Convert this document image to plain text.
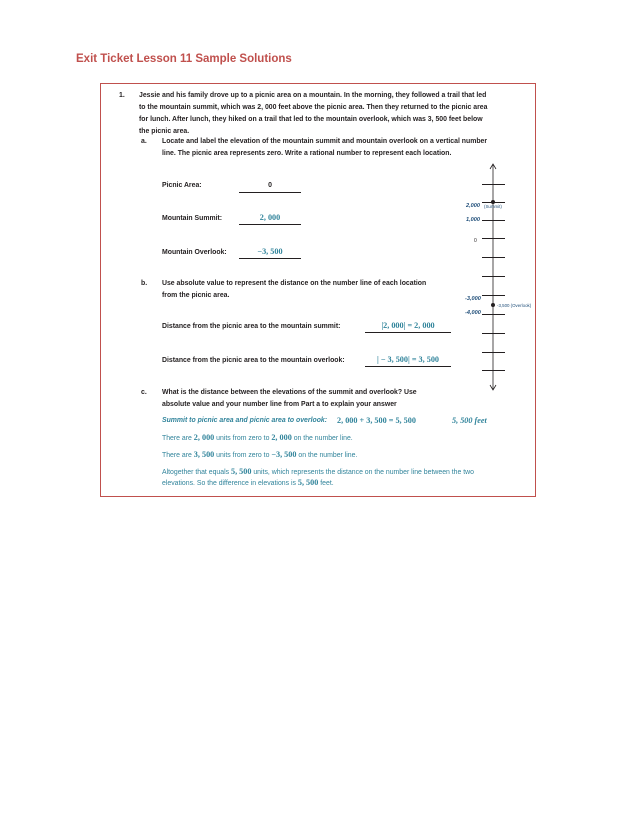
Exit Ticket Lesson 11 Sample Solutions
1. Jessie and his family drove up to a picnic area on a mountain. In the morning, they followed a trail that led
to the mountain summit, which was 2, 000 feet above the picnic area. Then they returned to the picnic area
for lunch. After lunch, they hiked on a trail that led to the mountain overlook, which was 3, 500 feet below
the picnic area.
a. Locate and label the elevation of the mountain summit and mountain overlook on a vertical number
line. The picnic area represents zero. Write a rational number to represent each location.
Picnic Area:	0
Mountain Summit:	2, 000
Mountain Overlook:	−3, 500
b. Use absolute value to represent the distance on the number line of each location
from the picnic area.
Distance from the picnic area to the mountain summit:	|2, 000| = 2, 000
Distance from the picnic area to the mountain overlook:	| − 3, 500| = 3, 500
c. What is the distance between the elevations of the summit and overlook? Use
absolute value and your number line from Part a to explain your answer
Summit to picnic area and picnic area to overlook: 2, 000 + 3, 500 = 5, 500	5, 500 feet
There are 2, 000 units from zero to 2, 000 on the number line.
There are 3, 500 units from zero to −3, 500 on the number line.
Altogether that equals 5, 500 units, which represents the distance on the number line between the two
elevations. So the difference in elevations is 5, 500 feet.
2,000 (Summit)
1,000
0
-3,000
-3,500 (Overlook)
-4,000
